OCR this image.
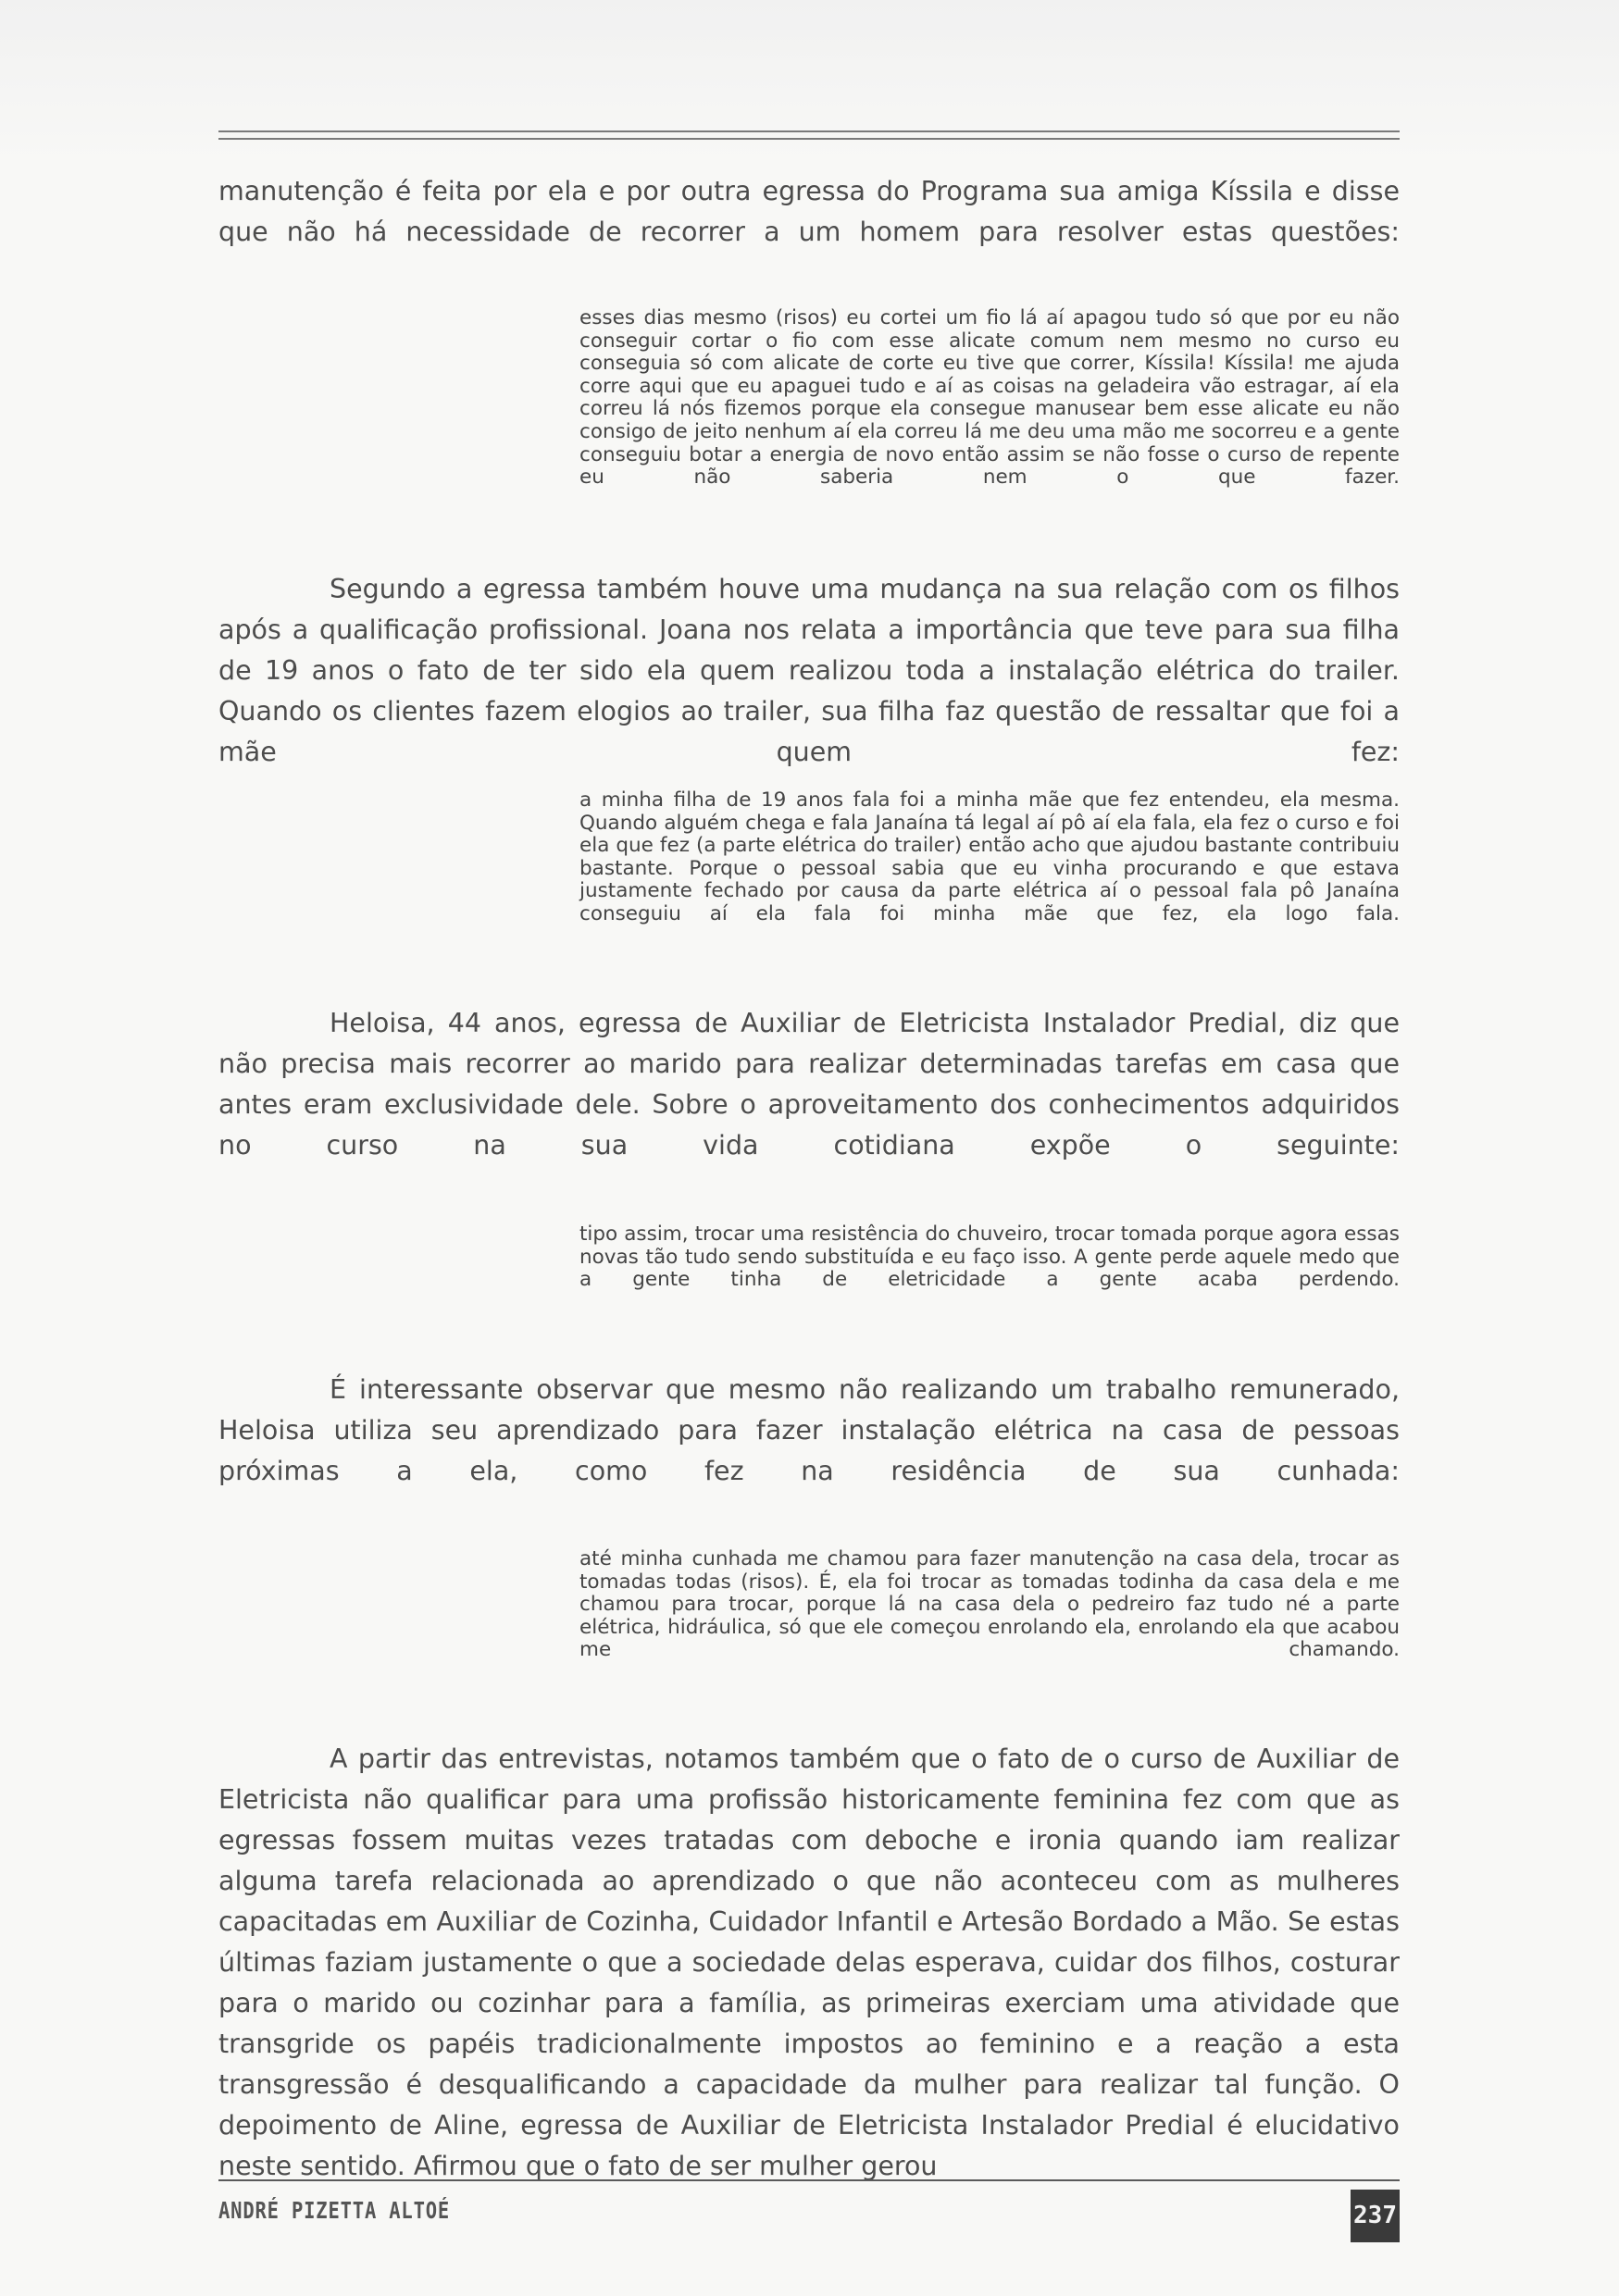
manutenção é feita por ela e por outra egressa do Programa sua amiga Kíssila e disse que não há necessidade de recorrer a um homem para resolver estas questões:

esses dias mesmo (risos) eu cortei um fio lá aí apagou tudo só que por eu não conseguir cortar o fio com esse alicate comum nem mesmo no curso eu conseguia só com alicate de corte eu tive que correr, Kíssila! Kíssila! me ajuda corre aqui que eu apaguei tudo e aí as coisas na geladeira vão estragar, aí ela correu lá nós fizemos porque ela consegue manusear bem esse alicate eu não consigo de jeito nenhum aí ela correu lá me deu uma mão me socorreu e a gente conseguiu botar a energia de novo então assim se não fosse o curso de repente eu não saberia nem o que fazer.

Segundo a egressa também houve uma mudança na sua relação com os filhos após a qualificação profissional. Joana nos relata a importância que teve para sua filha de 19 anos o fato de ter sido ela quem realizou toda a instalação elétrica do trailer. Quando os clientes fazem elogios ao trailer, sua filha faz questão de ressaltar que foi a mãe quem fez:

a minha filha de 19 anos fala foi a minha mãe que fez entendeu, ela mesma. Quando alguém chega e fala Janaína tá legal aí pô aí ela fala, ela fez o curso e foi ela que fez (a parte elétrica do trailer) então acho que ajudou bastante contribuiu bastante. Porque o pessoal sabia que eu vinha procurando e que estava justamente fechado por causa da parte elétrica aí o pessoal fala pô Janaína conseguiu aí ela fala foi minha mãe que fez, ela logo fala.

Heloisa, 44 anos, egressa de Auxiliar de Eletricista Instalador Predial, diz que não precisa mais recorrer ao marido para realizar determinadas tarefas em casa que antes eram exclusividade dele. Sobre o aproveitamento dos conhecimentos adquiridos no curso na sua vida cotidiana expõe o seguinte:

tipo assim, trocar uma resistência do chuveiro, trocar tomada porque agora essas novas tão tudo sendo substituída e eu faço isso. A gente perde aquele medo que a gente tinha de eletricidade a gente acaba perdendo.

É interessante observar que mesmo não realizando um trabalho remunerado, Heloisa utiliza seu aprendizado para fazer instalação elétrica na casa de pessoas próximas a ela, como fez na residência de sua cunhada:

até minha cunhada me chamou para fazer manutenção na casa dela, trocar as tomadas todas (risos). É, ela foi trocar as tomadas todinha da casa dela e me chamou para trocar, porque lá na casa dela o pedreiro faz tudo né a parte elétrica, hidráulica, só que ele começou enrolando ela, enrolando ela que acabou me chamando.

A partir das entrevistas, notamos também que o fato de o curso de Auxiliar de Eletricista não qualificar para uma profissão historicamente feminina fez com que as egressas fossem muitas vezes tratadas com deboche e ironia quando iam realizar alguma tarefa relacionada ao aprendizado o que não aconteceu com as mulheres capacitadas em Auxiliar de Cozinha, Cuidador Infantil e Artesão Bordado a Mão. Se estas últimas faziam justamente o que a sociedade delas esperava, cuidar dos filhos, costurar para o marido ou cozinhar para a família, as primeiras exerciam uma atividade que transgride os papéis tradicionalmente impostos ao feminino e a reação a esta transgressão é desqualificando a capacidade da mulher para realizar tal função. O depoimento de Aline, egressa de Auxiliar de Eletricista Instalador Predial é elucidativo neste sentido. Afirmou que o fato de ser mulher gerou

ANDRÉ PIZETTA ALTOÉ	237
